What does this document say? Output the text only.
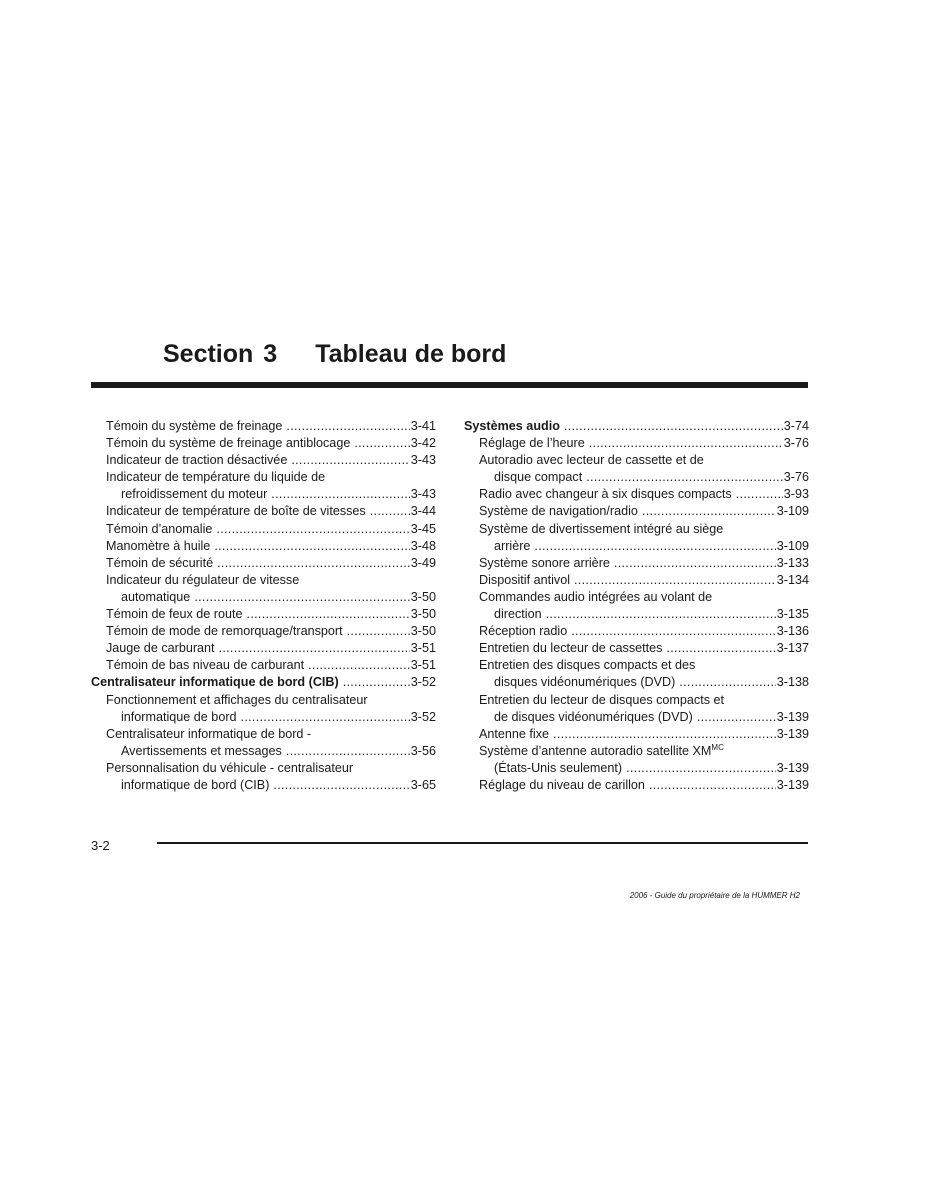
Section 3 Tableau de bord
Témoin du système de freinage .....	3-41
Témoin du système de freinage antiblocage .....	3-42
Indicateur de traction désactivée .....	3-43
Indicateur de température du liquide de
refroidissement du moteur .....	3-43
Indicateur de température de boîte de vitesses .....	3-44
Témoin d’anomalie .....	3-45
Manomètre à huile .....	3-48
Témoin de sécurité .....	3-49
Indicateur du régulateur de vitesse
automatique .....	3-50
Témoin de feux de route .....	3-50
Témoin de mode de remorquage/transport .....	3-50
Jauge de carburant .....	3-51
Témoin de bas niveau de carburant .....	3-51
Centralisateur informatique de bord (CIB) .....	3-52
Fonctionnement et affichages du centralisateur
informatique de bord .....	3-52
Centralisateur informatique de bord -
Avertissements et messages .....	3-56
Personnalisation du véhicule - centralisateur
informatique de bord (CIB) .....	3-65
Systèmes audio .....	3-74
Réglage de l’heure .....	3-76
Autoradio avec lecteur de cassette et de
disque compact .....	3-76
Radio avec changeur à six disques compacts .....	3-93
Système de navigation/radio .....	3-109
Système de divertissement intégré au siège
arrière .....	3-109
Système sonore arrière .....	3-133
Dispositif antivol .....	3-134
Commandes audio intégrées au volant de
direction .....	3-135
Réception radio .....	3-136
Entretien du lecteur de cassettes .....	3-137
Entretien des disques compacts et des
disques vidéonumériques (DVD) .....	3-138
Entretien du lecteur de disques compacts et
de disques vidéonumériques (DVD) .....	3-139
Antenne fixe .....	3-139
Système d’antenne autoradio satellite $XM^{MC}$
(États-Unis seulement) .....	3-139
Réglage du niveau de carillon .....	3-139
3-2
2006 - Guide du propriétaire de la HUMMER H2
